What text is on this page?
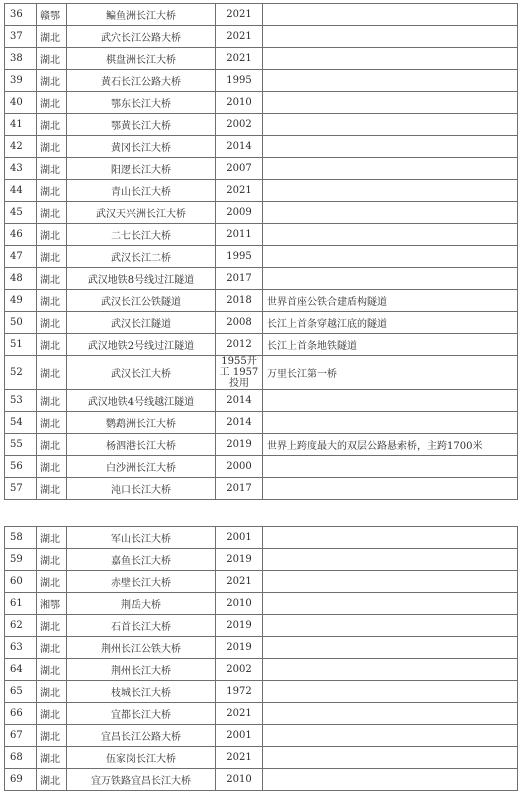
36	赣鄂	鳊鱼洲长江大桥	2021	
37	湖北	武穴长江公路大桥	2021	
38	湖北	棋盘洲长江大桥	2021	
39	湖北	黄石长江公路大桥	1995	
40	湖北	鄂东长江大桥	2010	
41	湖北	鄂黄长江大桥	2002	
42	湖北	黄冈长江大桥	2014	
43	湖北	阳逻长江大桥	2007	
44	湖北	青山长江大桥	2021	
45	湖北	武汉天兴洲长江大桥	2009	
46	湖北	二七长江大桥	2011	
47	湖北	武汉长江二桥	1995	
48	湖北	武汉地铁8号线过江隧道	2017	
49	湖北	武汉长江公铁隧道	2018	世界首座公铁合建盾构隧道
50	湖北	武汉长江隧道	2008	长江上首条穿越江底的隧道
51	湖北	武汉地铁2号线过江隧道	2012	长江上首条地铁隧道
52	湖北	武汉长江大桥	1955开工 1957投用	万里长江第一桥
53	湖北	武汉地铁4号线越江隧道	2014	
54	湖北	鹦鹉洲长江大桥	2014	
55	湖北	杨泗港长江大桥	2019	世界上跨度最大的双层公路悬索桥，主跨1700米
56	湖北	白沙洲长江大桥	2000	
57	湖北	沌口长江大桥	2017	
58	湖北	军山长江大桥	2001	
59	湖北	嘉鱼长江大桥	2019	
60	湖北	赤壁长江大桥	2021	
61	湘鄂	荆岳大桥	2010	
62	湖北	石首长江大桥	2019	
63	湖北	荆州长江公铁大桥	2019	
64	湖北	荆州长江大桥	2002	
65	湖北	枝城长江大桥	1972	
66	湖北	宜都长江大桥	2021	
67	湖北	宜昌长江公路大桥	2001	
68	湖北	伍家岗长江大桥	2021	
69	湖北	宜万铁路宜昌长江大桥	2010	
